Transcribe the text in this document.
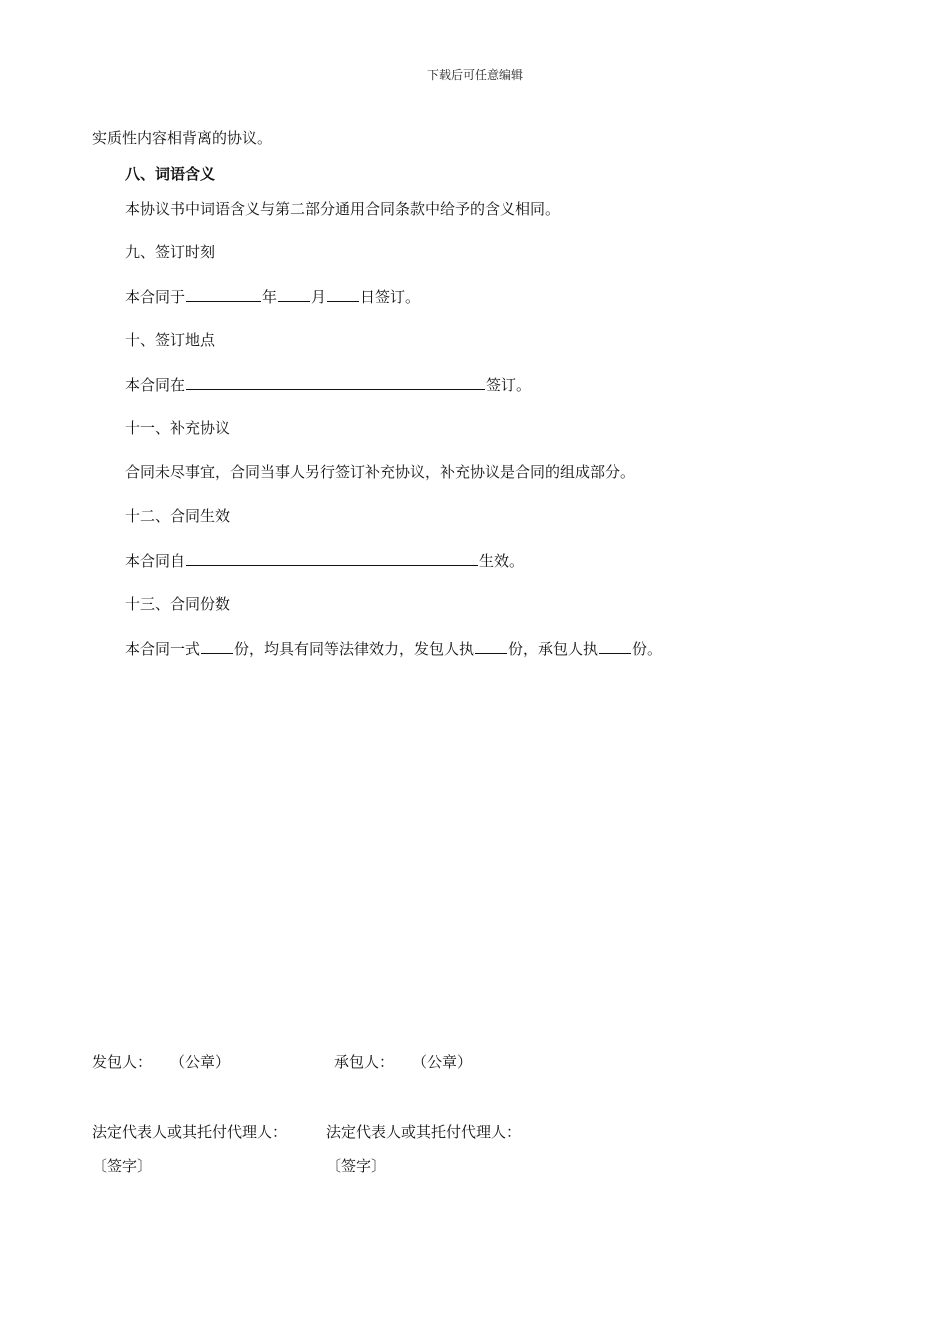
下载后可任意编辑
实质性内容相背离的协议。
八、词语含义
本协议书中词语含义与第二部分通用合同条款中给予的含义相同。
九、签订时刻
本合同于	年 月 日签订。
十、签订地点
本合同在	签订。
十一、补充协议
合同未尽事宜，合同当事人另行签订补充协议，补充协议是合同的组成部分。
十二、合同生效
本合同自	生效。
十三、合同份数
本合同一式 份，均具有同等法律效力，发包人执 份，承包人执 份。
发包人： （公章）	承包人： （公章）
法定代表人或其托付代理人：	法定代表人或其托付代理人：
〔签字〕	〔签字〕
